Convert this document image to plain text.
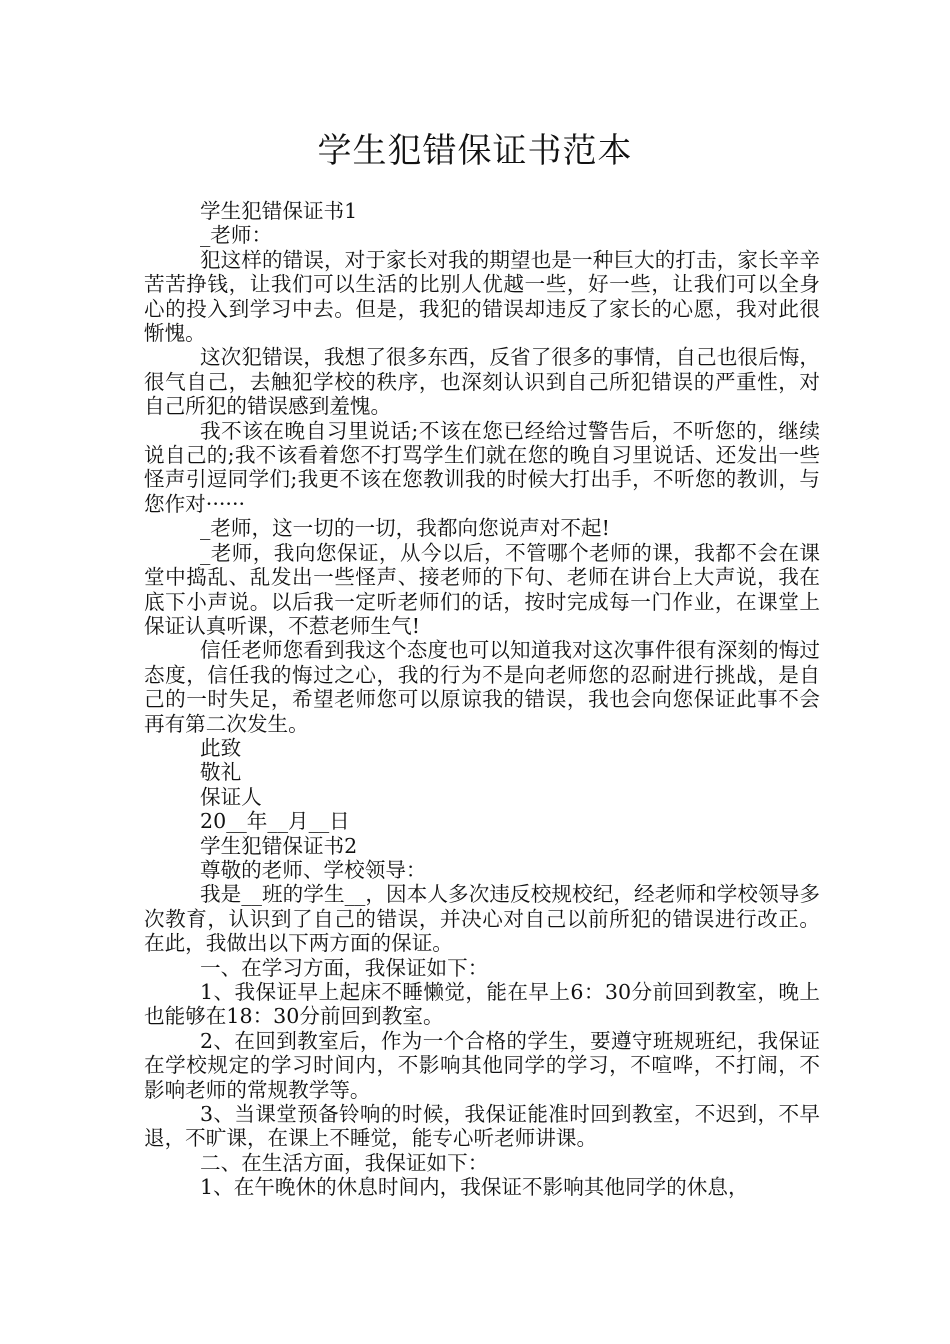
学生犯错保证书范本

学生犯错保证书1

_老师：

犯这样的错误，对于家长对我的期望也是一种巨大的打击，家长辛辛苦苦挣钱，让我们可以生活的比别人优越一些，好一些，让我们可以全身心的投入到学习中去。但是，我犯的错误却违反了家长的心愿，我对此很惭愧。

这次犯错误，我想了很多东西，反省了很多的事情，自己也很后悔，很气自己，去触犯学校的秩序，也深刻认识到自己所犯错误的严重性，对自己所犯的错误感到羞愧。

我不该在晚自习里说话;不该在您已经给过警告后，不听您的，继续说自己的;我不该看着您不打骂学生们就在您的晚自习里说话、还发出一些怪声引逗同学们;我更不该在您教训我的时候大打出手，不听您的教训，与您作对······

_老师，这一切的一切，我都向您说声对不起!

_老师，我向您保证，从今以后，不管哪个老师的课，我都不会在课堂中捣乱、乱发出一些怪声、接老师的下句、老师在讲台上大声说，我在底下小声说。以后我一定听老师们的话，按时完成每一门作业，在课堂上保证认真听课，不惹老师生气!

信任老师您看到我这个态度也可以知道我对这次事件很有深刻的悔过态度，信任我的悔过之心，我的行为不是向老师您的忍耐进行挑战，是自己的一时失足，希望老师您可以原谅我的错误，我也会向您保证此事不会再有第二次发生。

此致

敬礼

保证人

20__年__月__日

学生犯错保证书2

尊敬的老师、学校领导：

我是__班的学生__，因本人多次违反校规校纪，经老师和学校领导多次教育，认识到了自己的错误，并决心对自己以前所犯的错误进行改正。在此，我做出以下两方面的保证。

一、在学习方面，我保证如下：

1、我保证早上起床不睡懒觉，能在早上6：30分前回到教室，晚上也能够在18：30分前回到教室。

2、在回到教室后，作为一个合格的学生，要遵守班规班纪，我保证在学校规定的学习时间内，不影响其他同学的学习，不喧哗，不打闹，不影响老师的常规教学等。

3、当课堂预备铃响的时候，我保证能准时回到教室，不迟到，不早退，不旷课，在课上不睡觉，能专心听老师讲课。

二、在生活方面，我保证如下：

1、在午晚休的休息时间内，我保证不影响其他同学的休息，
